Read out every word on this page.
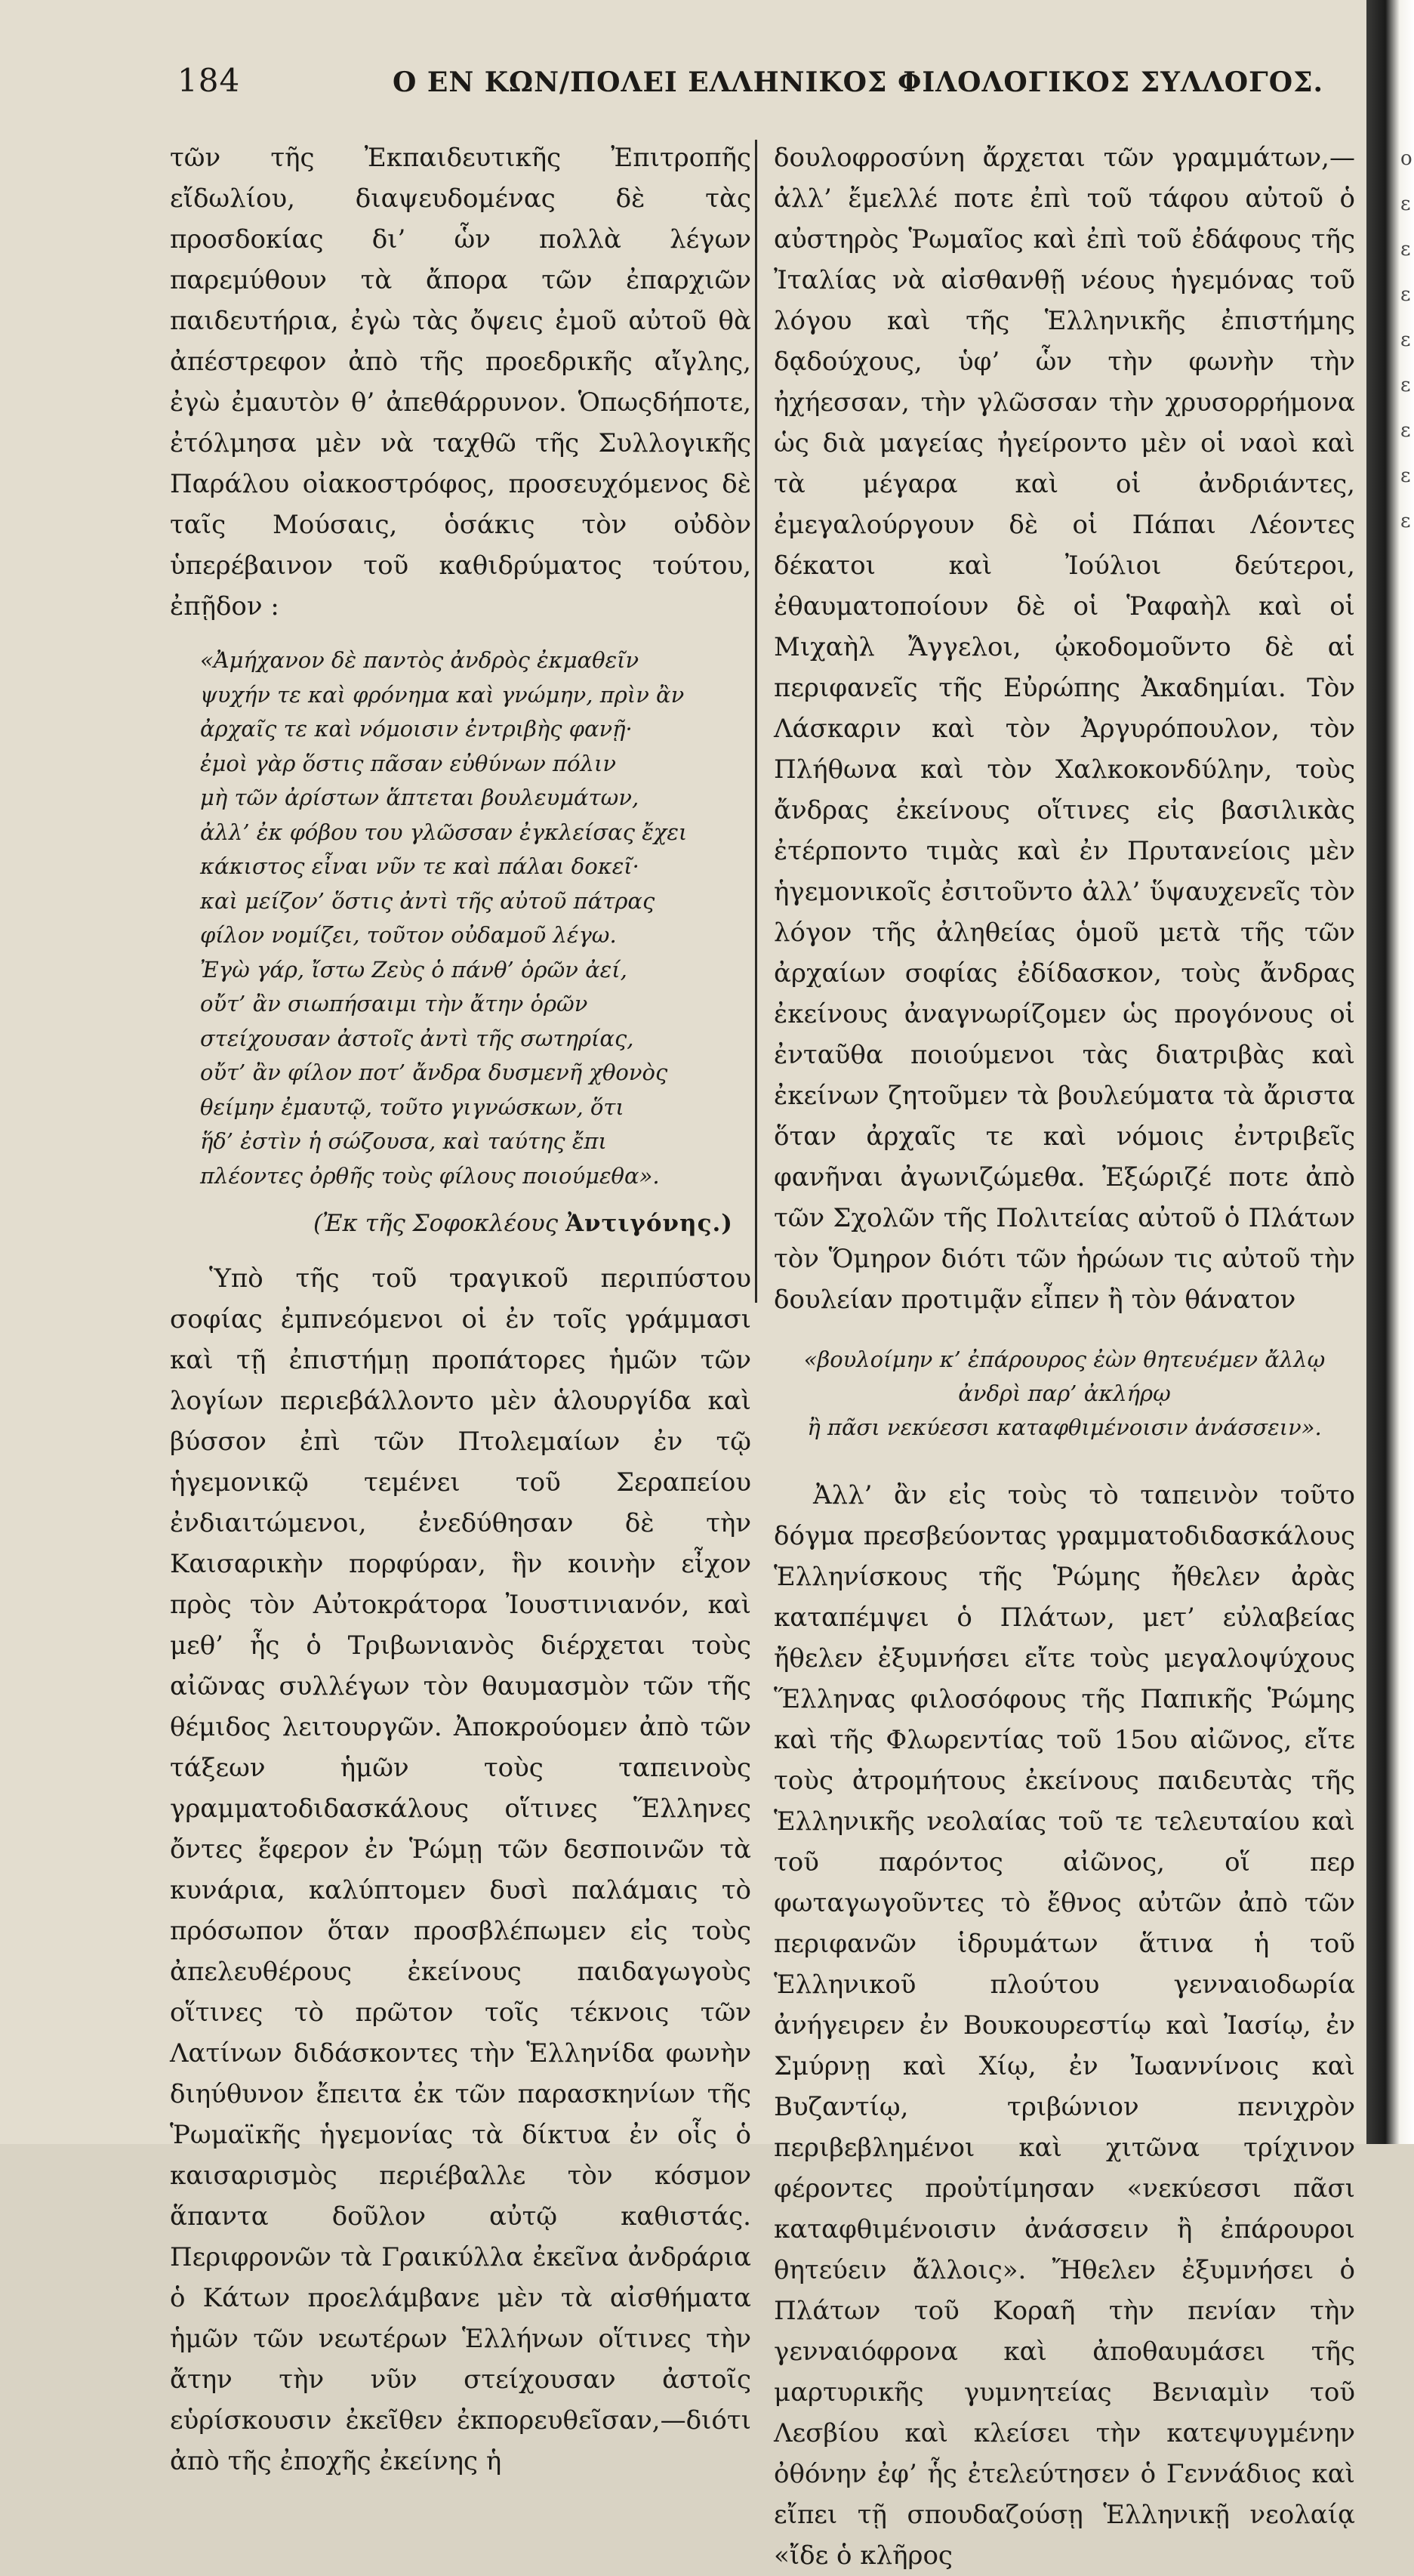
184	Ο ΕΝ ΚΩΝ/ΠΟΛΕΙ ΕΛΛΗΝΙΚΟΣ ΦΙΛΟΛΟΓΙΚΟΣ ΣΥΛΛΟΓΟΣ.

τῶν τῆς Ἐκπαιδευτικῆς Ἐπιτροπῆς εἴδωλίου, διαψευδομένας δὲ τὰς προσδοκίας δι’ ὧν πολλὰ λέγων παρεμύθουν τὰ ἄπορα τῶν ἐπαρχιῶν παιδευτήρια, ἐγὼ τὰς ὄψεις ἐμοῦ αὐτοῦ θὰ ἀπέστρεφον ἀπὸ τῆς προεδρικῆς αἴγλης, ἐγὼ ἐμαυτὸν θ’ ἀπεθάρρυνον. Ὁπωςδήποτε, ἐτόλμησα μὲν νὰ ταχθῶ τῆς Συλλογικῆς Παράλου οἰακοστρόφος, προσευχόμενος δὲ ταῖς Μούσαις, ὁσάκις τὸν οὐδὸν ὑπερέβαινον τοῦ καθιδρύματος τούτου, ἐπῇδον :

«Ἀμήχανον δὲ παντὸς ἀνδρὸς ἐκμαθεῖν
ψυχήν τε καὶ φρόνημα καὶ γνώμην, πρὶν ἂν
ἀρχαῖς τε καὶ νόμοισιν ἐντριβὴς φανῇ·
ἐμοὶ γὰρ ὅστις πᾶσαν εὐθύνων πόλιν
μὴ τῶν ἀρίστων ἅπτεται βουλευμάτων,
ἀλλ’ ἐκ φόβου του γλῶσσαν ἐγκλείσας ἔχει
κάκιστος εἶναι νῦν τε καὶ πάλαι δοκεῖ·
καὶ μείζον’ ὅστις ἀντὶ τῆς αὐτοῦ πάτρας
φίλον νομίζει, τοῦτον οὐδαμοῦ λέγω.
Ἐγὼ γάρ, ἴστω Ζεὺς ὁ πάνθ’ ὁρῶν ἀεί,
οὔτ’ ἂν σιωπήσαιμι τὴν ἄτην ὁρῶν
στείχουσαν ἀστοῖς ἀντὶ τῆς σωτηρίας,
οὔτ’ ἂν φίλον ποτ’ ἄνδρα δυσμενῆ χθονὸς
θείμην ἐμαυτῷ, τοῦτο γιγνώσκων, ὅτι
ἥδ’ ἐστὶν ἡ σώζουσα, καὶ ταύτης ἔπι
πλέοντες ὀρθῆς τοὺς φίλους ποιούμεθα».
(Ἐκ τῆς Σοφοκλέους Ἀντιγόνης.)

Ὑπὸ τῆς τοῦ τραγικοῦ περιπύστου σοφίας ἐμπνεόμενοι οἱ ἐν τοῖς γράμμασι καὶ τῇ ἐπιστήμῃ προπάτορες ἡμῶν τῶν λογίων περιεβάλλοντο μὲν ἁλουργίδα καὶ βύσσον ἐπὶ τῶν Πτολεμαίων ἐν τῷ ἡγεμονικῷ τεμένει τοῦ Σεραπείου ἐνδιαιτώμενοι, ἐνεδύθησαν δὲ τὴν Καισαρικὴν πορφύραν, ἣν κοινὴν εἶχον πρὸς τὸν Αὐτοκράτορα Ἰουστινιανόν, καὶ μεθ’ ἧς ὁ Τριβωνιανὸς διέρχεται τοὺς αἰῶνας συλλέγων τὸν θαυμασμὸν τῶν τῆς θέμιδος λειτουργῶν. Ἀποκρούομεν ἀπὸ τῶν τάξεων ἡμῶν τοὺς ταπεινοὺς γραμματοδιδασκάλους οἵτινες Ἕλληνες ὄντες ἔφερον ἐν Ῥώμῃ τῶν δεσποινῶν τὰ κυνάρια, καλύπτομεν δυσὶ παλάμαις τὸ πρόσωπον ὅταν προσβλέπωμεν εἰς τοὺς ἀπελευθέρους ἐκείνους παιδαγωγοὺς οἵτινες τὸ πρῶτον τοῖς τέκνοις τῶν Λατίνων διδάσκοντες τὴν Ἑλληνίδα φωνὴν διηύθυνον ἔπειτα ἐκ τῶν παρασκηνίων τῆς Ῥωμαϊκῆς ἡγεμονίας τὰ δίκτυα ἐν οἷς ὁ καισαρισμὸς περιέβαλλε τὸν κόσμον ἅπαντα δοῦλον αὐτῷ καθιστάς. Περιφρονῶν τὰ Γραικύλλα ἐκεῖνα ἀνδράρια ὁ Κάτων προελάμβανε μὲν τὰ αἰσθήματα ἡμῶν τῶν νεωτέρων Ἑλλήνων οἵτινες τὴν ἄτην τὴν νῦν στείχουσαν ἀστοῖς εὑρίσκουσιν ἐκεῖθεν ἐκπορευθεῖσαν,—διότι ἀπὸ τῆς ἐποχῆς ἐκείνης ἡ

δουλοφροσύνη ἄρχεται τῶν γραμμάτων,—ἀλλ’ ἔμελλέ ποτε ἐπὶ τοῦ τάφου αὐτοῦ ὁ αὐστηρὸς Ῥωμαῖος καὶ ἐπὶ τοῦ ἐδάφους τῆς Ἰταλίας νὰ αἰσθανθῇ νέους ἡγεμόνας τοῦ λόγου καὶ τῆς Ἑλληνικῆς ἐπιστήμης δᾳδούχους, ὑφ’ ὧν τὴν φωνὴν τὴν ἠχήεσσαν, τὴν γλῶσσαν τὴν χρυσορρήμονα ὡς διὰ μαγείας ἠγείροντο μὲν οἱ ναοὶ καὶ τὰ μέγαρα καὶ οἱ ἀνδριάντες, ἐμεγαλούργουν δὲ οἱ Πάπαι Λέοντες δέκατοι καὶ Ἰούλιοι δεύτεροι, ἐθαυματοποίουν δὲ οἱ Ῥαφαὴλ καὶ οἱ Μιχαὴλ Ἄγγελοι, ᾠκοδομοῦντο δὲ αἱ περιφανεῖς τῆς Εὐρώπης Ἀκαδημίαι. Τὸν Λάσκαριν καὶ τὸν Ἀργυρόπουλον, τὸν Πλήθωνα καὶ τὸν Χαλκοκονδύλην, τοὺς ἄνδρας ἐκείνους οἵτινες εἰς βασιλικὰς ἐτέρποντο τιμὰς καὶ ἐν Πρυτανείοις μὲν ἡγεμονικοῖς ἐσιτοῦντο ἀλλ’ ὕψαυχενεῖς τὸν λόγον τῆς ἀληθείας ὁμοῦ μετὰ τῆς τῶν ἀρχαίων σοφίας ἐδίδασκον, τοὺς ἄνδρας ἐκείνους ἀναγνωρίζομεν ὡς προγόνους οἱ ἐνταῦθα ποιούμενοι τὰς διατριβὰς καὶ ἐκείνων ζητοῦμεν τὰ βουλεύματα τὰ ἄριστα ὅταν ἀρχαῖς τε καὶ νόμοις ἐντριβεῖς φανῆναι ἀγωνιζώμεθα. Ἐξώριζέ ποτε ἀπὸ τῶν Σχολῶν τῆς Πολιτείας αὐτοῦ ὁ Πλάτων τὸν Ὅμηρον διότι τῶν ἡρώων τις αὐτοῦ τὴν δουλείαν προτιμᾷν εἶπεν ἢ τὸν θάνατον

«βουλοίμην κ’ ἐπάρουρος ἐὼν θητευέμεν ἄλλῳ
ἀνδρὶ παρ’ ἀκλήρῳ
ἢ πᾶσι νεκύεσσι καταφθιμένοισιν ἀνάσσειν».

Ἀλλ’ ἂν εἰς τοὺς τὸ ταπεινὸν τοῦτο δόγμα πρεσβεύοντας γραμματοδιδασκάλους Ἑλληνίσκους τῆς Ῥώμης ἤθελεν ἀρὰς καταπέμψει ὁ Πλάτων, μετ’ εὐλαβείας ἤθελεν ἐξυμνήσει εἴτε τοὺς μεγαλοψύχους Ἕλληνας φιλοσόφους τῆς Παπικῆς Ῥώμης καὶ τῆς Φλωρεντίας τοῦ 15ου αἰῶνος, εἴτε τοὺς ἀτρομήτους ἐκείνους παιδευτὰς τῆς Ἑλληνικῆς νεολαίας τοῦ τε τελευταίου καὶ τοῦ παρόντος αἰῶνος, οἵ περ φωταγωγοῦντες τὸ ἔθνος αὐτῶν ἀπὸ τῶν περιφανῶν ἱδρυμάτων ἅτινα ἡ τοῦ Ἑλληνικοῦ πλούτου γενναιοδωρία ἀνήγειρεν ἐν Βουκουρεστίῳ καὶ Ἰασίῳ, ἐν Σμύρνῃ καὶ Χίῳ, ἐν Ἰωαννίνοις καὶ Βυζαντίῳ, τριβώνιον πενιχρὸν περιβεβλημένοι καὶ χιτῶνα τρίχινον φέροντες προὐτίμησαν «νεκύεσσι πᾶσι καταφθιμένοισιν ἀνάσσειν ἢ ἐπάρουροι θητεύειν ἄλλοις». Ἤθελεν ἐξυμνήσει ὁ Πλάτων τοῦ Κοραῆ τὴν πενίαν τὴν γενναιόφρονα καὶ ἀποθαυμάσει τῆς μαρτυρικῆς γυμνητείας Βενιαμὶν τοῦ Λεσβίου καὶ κλείσει τὴν κατεψυγμένην ὀθόνην ἐφ’ ἧς ἐτελεύτησεν ὁ Γεννάδιος καὶ εἴπει τῇ σπουδαζούσῃ Ἑλληνικῇ νεολαίᾳ «ἴδε ὁ κλῆρος

ο
ε
ε
ε
ε
ε
ε
ε
ε
